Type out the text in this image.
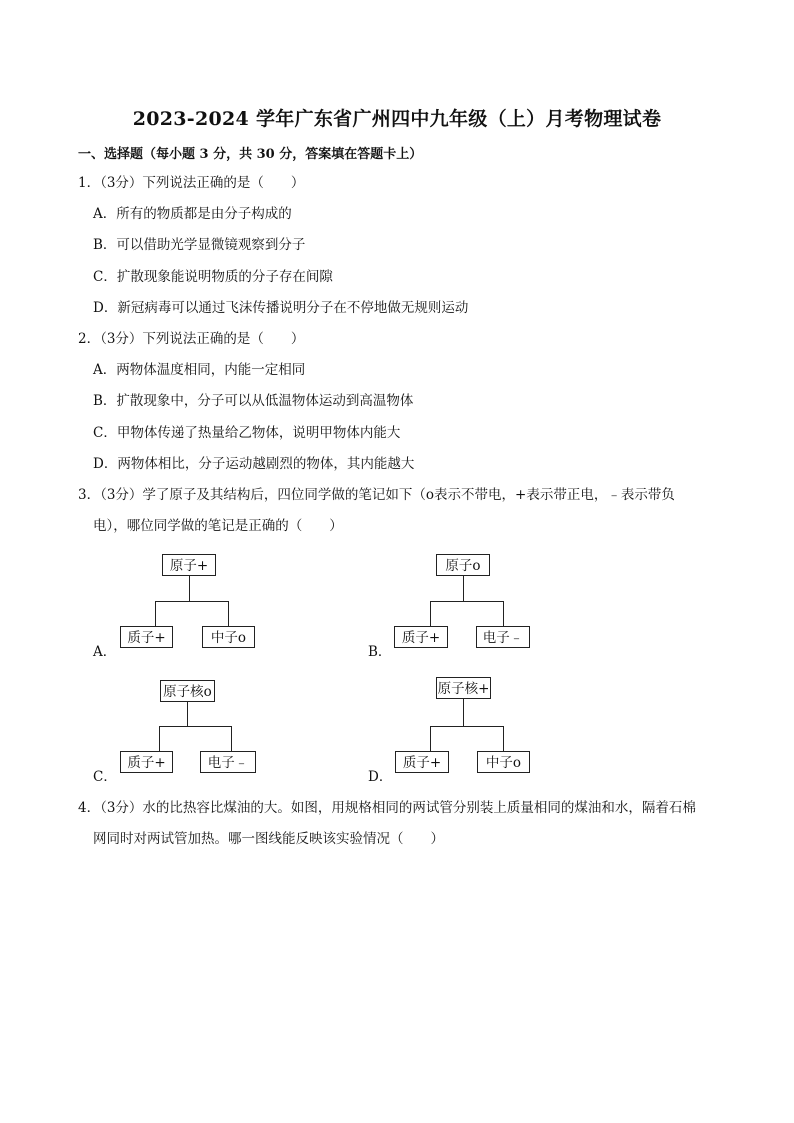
2023-2024 学年广东省广州四中九年级（上）月考物理试卷
一、选择题（每小题 3 分，共 30 分，答案填在答题卡上）
1．（3分）下列说法正确的是（　　）
A．所有的物质都是由分子构成的
B．可以借助光学显微镜观察到分子
C．扩散现象能说明物质的分子存在间隙
D．新冠病毒可以通过飞沫传播说明分子在不停地做无规则运动
2．（3分）下列说法正确的是（　　）
A．两物体温度相同，内能一定相同
B．扩散现象中，分子可以从低温物体运动到高温物体
C．甲物体传递了热量给乙物体，说明甲物体内能大
D．两物体相比，分子运动越剧烈的物体，其内能越大
3．（3分）学了原子及其结构后，四位同学做的笔记如下（o表示不带电，+表示带正电，﹣表示带负
电），哪位同学做的笔记是正确的（　　）
原子+
质子+	中子o
A．
原子o
质子+	电子﹣
B．
原子核o
质子+	电子﹣
C．
原子核+
质子+	中子o
D．
4．（3分）水的比热容比煤油的大。如图，用规格相同的两试管分别装上质量相同的煤油和水，隔着石棉
网同时对两试管加热。哪一图线能反映该实验情况（　　）
